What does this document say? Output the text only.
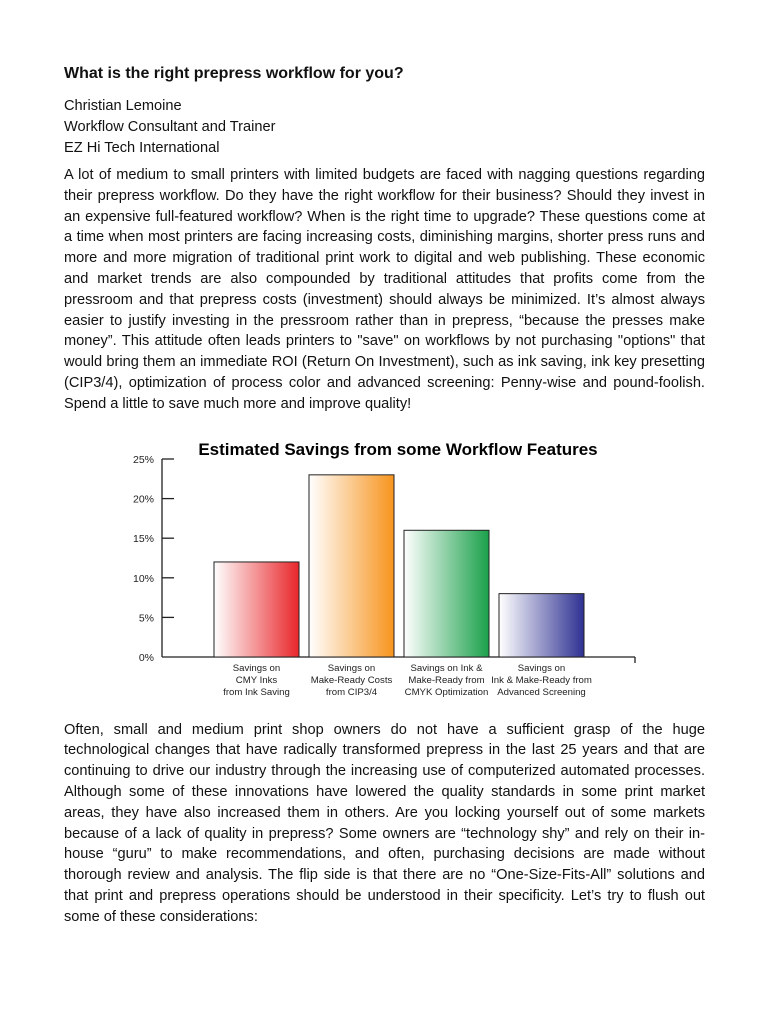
What is the right prepress workflow for you?
Christian Lemoine
Workflow Consultant and Trainer
EZ Hi Tech International

A lot of medium to small printers with limited budgets are faced with nagging questions regarding their prepress workflow. Do they have the right workflow for their business? Should they invest in an expensive full-featured workflow? When is the right time to upgrade? These questions come at a time when most printers are facing increasing costs, diminishing margins, shorter press runs and more and more migration of traditional print work to digital and web publishing. These economic and market trends are also compounded by traditional attitudes that profits come from the pressroom and that prepress costs (investment) should always be minimized. It’s almost always easier to justify investing in the pressroom rather than in prepress, “because the presses make money”. This attitude often leads printers to "save" on workflows by not purchasing "options" that would bring them an immediate ROI (Return On Investment), such as ink saving, ink key presetting (CIP3/4), optimization of process color and advanced screening: Penny-wise and pound-foolish. Spend a little to save much more and improve quality!

Estimated Savings from some Workflow Features
0%
5%
10%
15%
20%
25%
Savings on CMY Inks from Ink Saving
Savings on Make-Ready Costs from CIP3/4
Savings on Ink & Make-Ready from CMYK Optimization
Savings on Ink & Make-Ready from Advanced Screening

Often, small and medium print shop owners do not have a sufficient grasp of the huge technological changes that have radically transformed prepress in the last 25 years and that are continuing to drive our industry through the increasing use of computerized automated processes. Although some of these innovations have lowered the quality standards in some print market areas, they have also increased them in others. Are you locking yourself out of some markets because of a lack of quality in prepress? Some owners are “technology shy” and rely on their in-house “guru” to make recommendations, and often, purchasing decisions are made without thorough review and analysis. The flip side is that there are no “One-Size-Fits-All” solutions and that print and prepress operations should be understood in their specificity. Let’s try to flush out some of these considerations:
